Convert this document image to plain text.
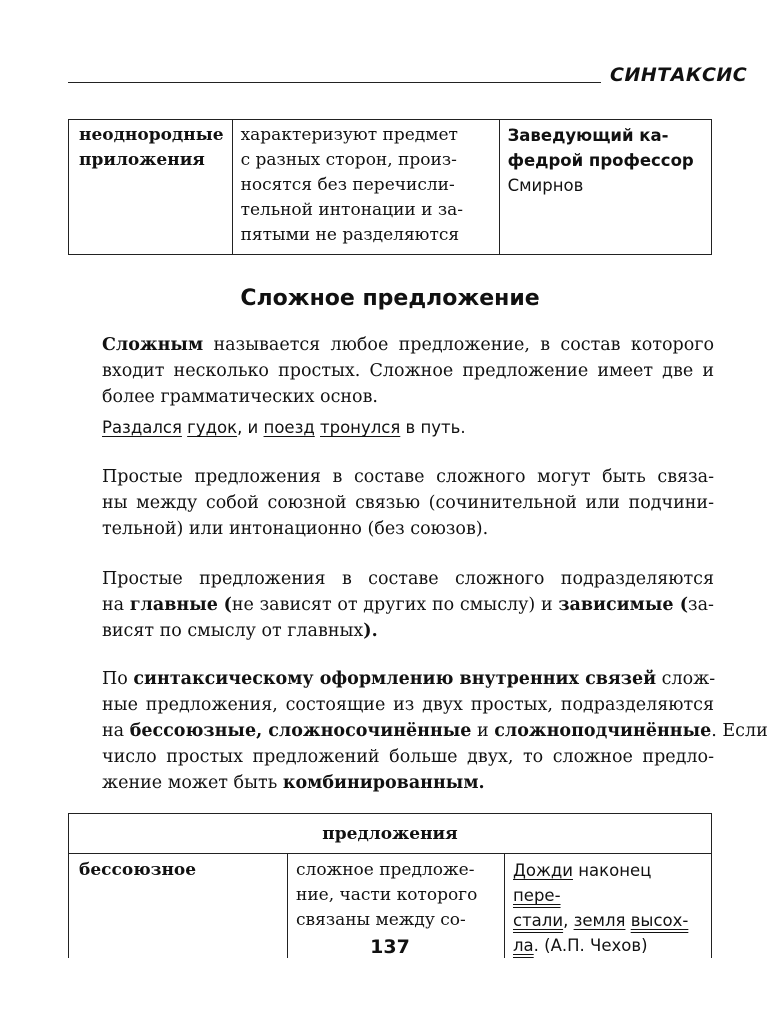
СИНТАКСИС
неоднородные
приложения

характеризуют предмет
с разных сторон, произ-
носятся без перечисли-
тельной интонации и за-
пятыми не разделяются

Заведующий ка-
федрой профессор
Смирнов
Сложное предложение
Сложным называется любое предложение, в состав которого
входит несколько простых. Сложное предложение имеет две и
более грамматических основ.
Раздался гудок, и поезд тронулся в путь.
Простые предложения в составе сложного могут быть связа-
ны между собой союзной связью (сочинительной или подчини-
тельной) или интонационно (без союзов).
Простые предложения в составе сложного подразделяются
на главные (не зависят от других по смыслу) и зависимые (за-
висят по смыслу от главных).
По синтаксическому оформлению внутренних связей слож-
ные предложения, состоящие из двух простых, подразделяются
на бессоюзные, сложносочинённые и сложноподчинённые. Если
число простых предложений больше двух, то сложное предло-
жение может быть комбинированным.
предложения
бессоюзное	сложное предложе-
ние, части которого
связаны между со-

Дожди наконец пере-
стали, земля высох-
ла. (А.П. Чехов)
137
